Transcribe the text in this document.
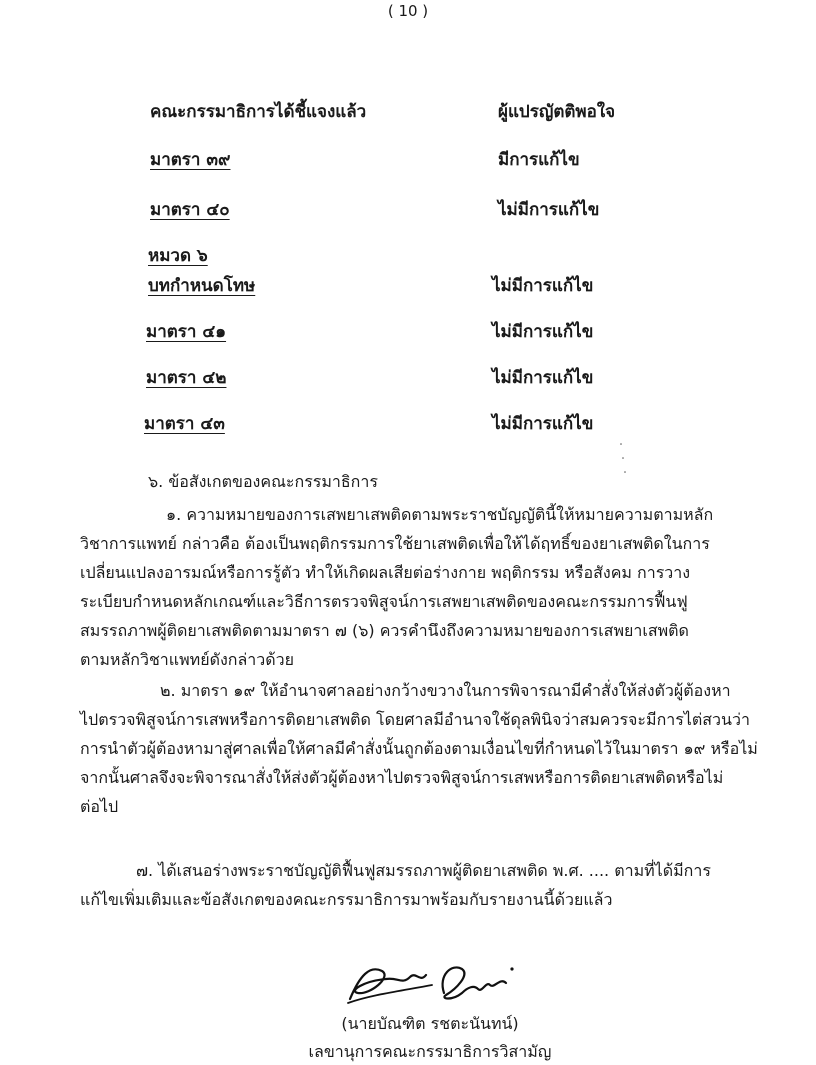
( 10 )
คณะกรรมาธิการได้ชี้แจงแล้ว	ผู้แปรญัตติพอใจ
มาตรา ๓๙	มีการแก้ไข
มาตรา ๔๐	ไม่มีการแก้ไข
หมวด ๖
บทกำหนดโทษ	ไม่มีการแก้ไข
มาตรา ๔๑	ไม่มีการแก้ไข
มาตรา ๔๒	ไม่มีการแก้ไข
มาตรา ๔๓	ไม่มีการแก้ไข
๖. ข้อสังเกตของคณะกรรมาธิการ
๑. ความหมายของการเสพยาเสพติดตามพระราชบัญญัตินี้ให้หมายความตามหลัก
วิชาการแพทย์ กล่าวคือ ต้องเป็นพฤติกรรมการใช้ยาเสพติดเพื่อให้ได้ฤทธิ์ของยาเสพติดในการ
เปลี่ยนแปลงอารมณ์หรือการรู้ตัว ทำให้เกิดผลเสียต่อร่างกาย พฤติกรรม หรือสังคม การวาง
ระเบียบกำหนดหลักเกณฑ์และวิธีการตรวจพิสูจน์การเสพยาเสพติดของคณะกรรมการฟื้นฟู
สมรรถภาพผู้ติดยาเสพติดตามมาตรา ๗ (๖) ควรคำนึงถึงความหมายของการเสพยาเสพติด
ตามหลักวิชาแพทย์ดังกล่าวด้วย
๒. มาตรา ๑๙ ให้อำนาจศาลอย่างกว้างขวางในการพิจารณามีคำสั่งให้ส่งตัวผู้ต้องหา
ไปตรวจพิสูจน์การเสพหรือการติดยาเสพติด โดยศาลมีอำนาจใช้ดุลพินิจว่าสมควรจะมีการไต่สวนว่า
การนำตัวผู้ต้องหามาสู่ศาลเพื่อให้ศาลมีคำสั่งนั้นถูกต้องตามเงื่อนไขที่กำหนดไว้ในมาตรา ๑๙ หรือไม่
จากนั้นศาลจึงจะพิจารณาสั่งให้ส่งตัวผู้ต้องหาไปตรวจพิสูจน์การเสพหรือการติดยาเสพติดหรือไม่
ต่อไป
๗. ได้เสนอร่างพระราชบัญญัติฟื้นฟูสมรรถภาพผู้ติดยาเสพติด พ.ศ. .... ตามที่ได้มีการ
แก้ไขเพิ่มเติมและข้อสังเกตของคณะกรรมาธิการมาพร้อมกับรายงานนี้ด้วยแล้ว
(นายบัณฑิต รชตะนันทน์)
เลขานุการคณะกรรมาธิการวิสามัญ
